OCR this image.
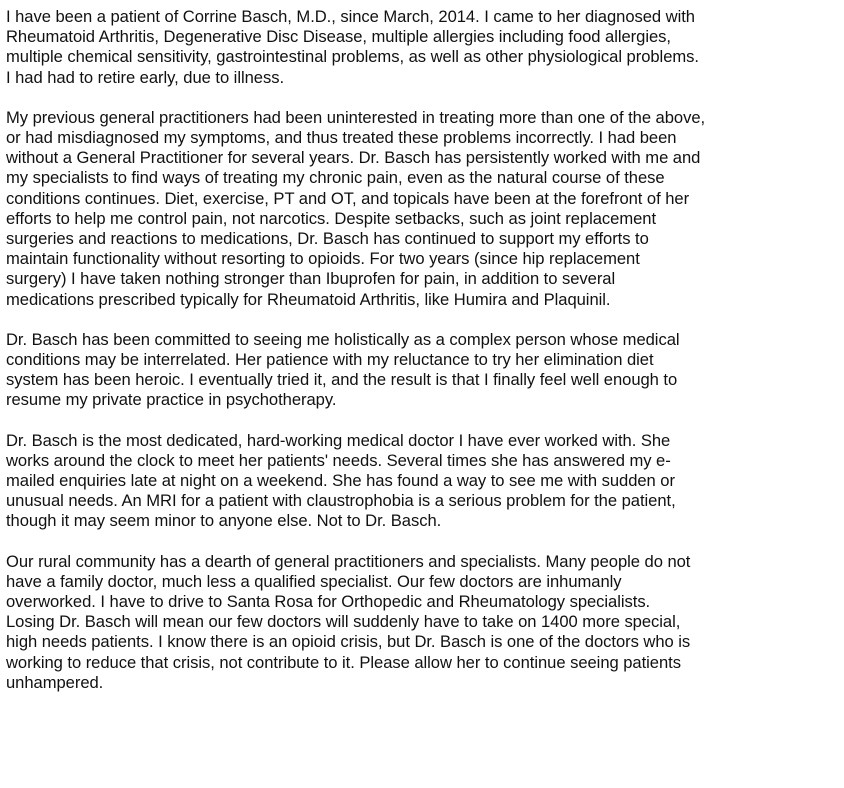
I have been a patient of Corrine Basch, M.D., since March, 2014. I came to her diagnosed with
Rheumatoid Arthritis, Degenerative Disc Disease, multiple allergies including food allergies,
multiple chemical sensitivity, gastrointestinal problems, as well as other physiological problems.
I had had to retire early, due to illness.

My previous general practitioners had been uninterested in treating more than one of the above,
or had misdiagnosed my symptoms, and thus treated these problems incorrectly. I had been
without a General Practitioner for several years. Dr. Basch has persistently worked with me and
my specialists to find ways of treating my chronic pain, even as the natural course of these
conditions continues. Diet, exercise, PT and OT, and topicals have been at the forefront of her
efforts to help me control pain, not narcotics. Despite setbacks, such as joint replacement
surgeries and reactions to medications, Dr. Basch has continued to support my efforts to
maintain functionality without resorting to opioids. For two years (since hip replacement
surgery) I have taken nothing stronger than Ibuprofen for pain, in addition to several
medications prescribed typically for Rheumatoid Arthritis, like Humira and Plaquinil.

Dr. Basch has been committed to seeing me holistically as a complex person whose medical
conditions may be interrelated. Her patience with my reluctance to try her elimination diet
system has been heroic. I eventually tried it, and the result is that I finally feel well enough to
resume my private practice in psychotherapy.

Dr. Basch is the most dedicated, hard-working medical doctor I have ever worked with. She
works around the clock to meet her patients' needs. Several times she has answered my e-
mailed enquiries late at night on a weekend. She has found a way to see me with sudden or
unusual needs. An MRI for a patient with claustrophobia is a serious problem for the patient,
though it may seem minor to anyone else. Not to Dr. Basch.

Our rural community has a dearth of general practitioners and specialists. Many people do not
have a family doctor, much less a qualified specialist. Our few doctors are inhumanly
overworked. I have to drive to Santa Rosa for Orthopedic and Rheumatology specialists.
Losing Dr. Basch will mean our few doctors will suddenly have to take on 1400 more special,
high needs patients. I know there is an opioid crisis, but Dr. Basch is one of the doctors who is
working to reduce that crisis, not contribute to it. Please allow her to continue seeing patients
unhampered.
